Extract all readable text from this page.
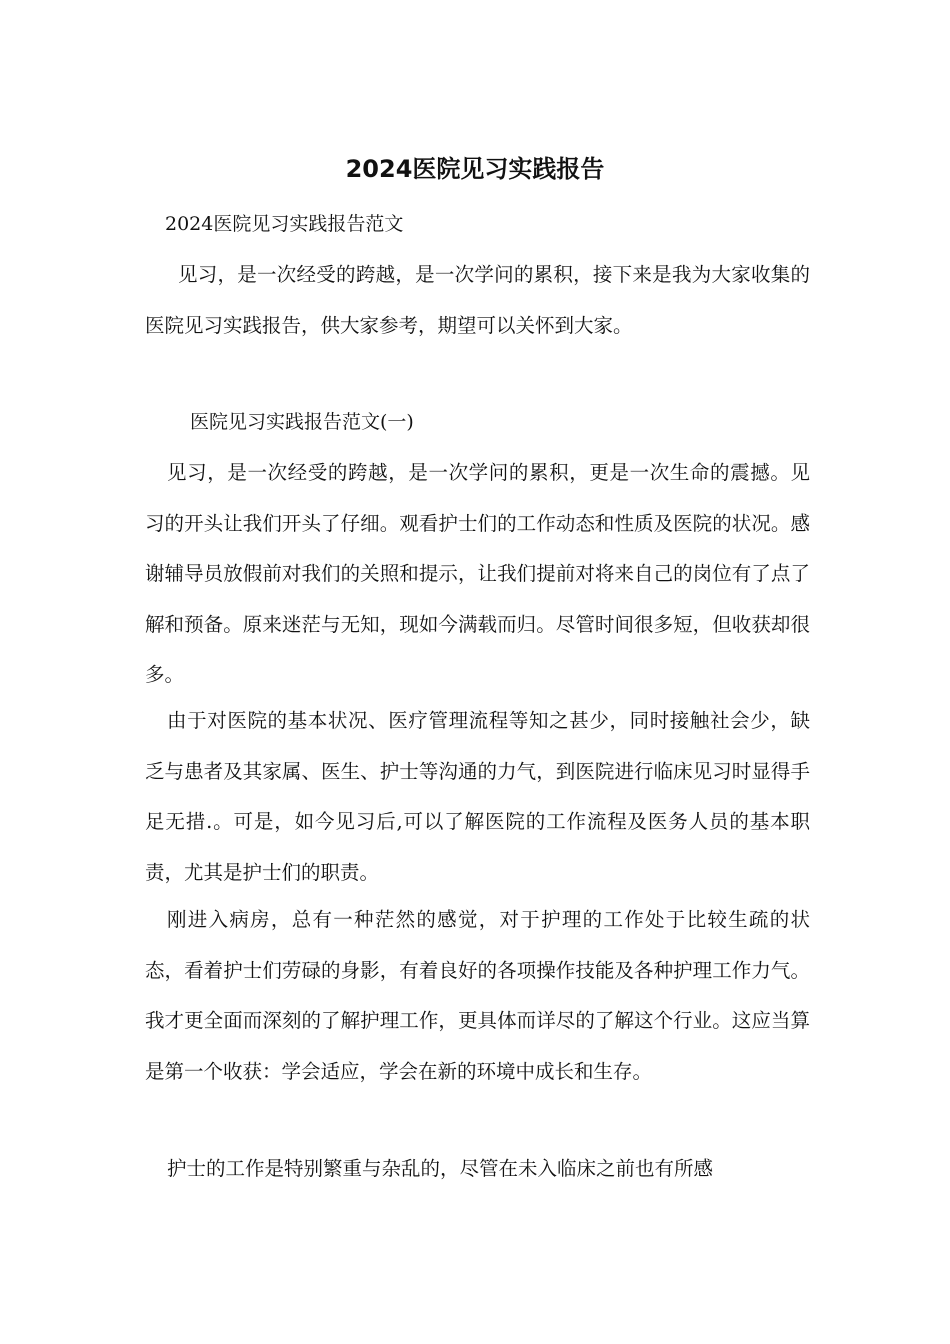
2024医院见习实践报告
2024医院见习实践报告范文
见习，是一次经受的跨越，是一次学问的累积，接下来是我为大家收集的医院见习实践报告，供大家参考，期望可以关怀到大家。
医院见习实践报告范文(一)
见习，是一次经受的跨越，是一次学问的累积，更是一次生命的震撼。见习的开头让我们开头了仔细。观看护士们的工作动态和性质及医院的状况。感谢辅导员放假前对我们的关照和提示，让我们提前对将来自己的岗位有了点了解和预备。原来迷茫与无知，现如今满载而归。尽管时间很多短，但收获却很多。
由于对医院的基本状况、医疗管理流程等知之甚少，同时接触社会少，缺乏与患者及其家属、医生、护士等沟通的力气，到医院进行临床见习时显得手足无措.。可是，如今见习后,可以了解医院的工作流程及医务人员的基本职责，尤其是护士们的职责。
刚进入病房，总有一种茫然的感觉，对于护理的工作处于比较生疏的状态，看着护士们劳碌的身影，有着良好的各项操作技能及各种护理工作力气。我才更全面而深刻的了解护理工作，更具体而详尽的了解这个行业。这应当算是第一个收获：学会适应，学会在新的环境中成长和生存。
护士的工作是特别繁重与杂乱的，尽管在未入临床之前也有所感
